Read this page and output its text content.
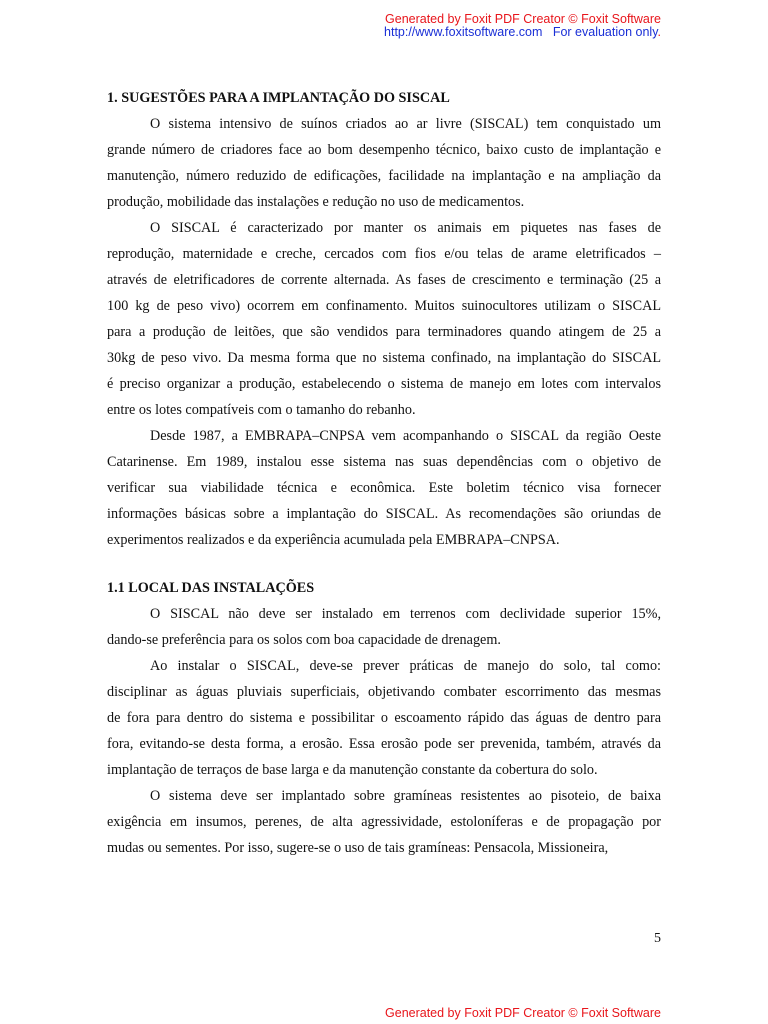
Generated by Foxit PDF Creator © Foxit Software
http://www.foxitsoftware.com For evaluation only.
1. SUGESTÕES PARA A IMPLANTAÇÃO DO SISCAL
O sistema intensivo de suínos criados ao ar livre (SISCAL) tem conquistado um
grande número de criadores face ao bom desempenho técnico, baixo custo de implantação e
manutenção, número reduzido de edificações, facilidade na implantação e na ampliação da
produção, mobilidade das instalações e redução no uso de medicamentos.
O SISCAL é caracterizado por manter os animais em piquetes nas fases de
reprodução, maternidade e creche, cercados com fios e/ou telas de arame eletrificados –
através de eletrificadores de corrente alternada. As fases de crescimento e terminação (25 a
100 kg de peso vivo) ocorrem em confinamento. Muitos suinocultores utilizam o SISCAL
para a produção de leitões, que são vendidos para terminadores quando atingem de 25 a
30kg de peso vivo. Da mesma forma que no sistema confinado, na implantação do SISCAL
é preciso organizar a produção, estabelecendo o sistema de manejo em lotes com intervalos
entre os lotes compatíveis com o tamanho do rebanho.
Desde 1987, a EMBRAPA–CNPSA vem acompanhando o SISCAL da região Oeste
Catarinense. Em 1989, instalou esse sistema nas suas dependências com o objetivo de
verificar sua viabilidade técnica e econômica. Este boletim técnico visa fornecer
informações básicas sobre a implantação do SISCAL. As recomendações são oriundas de
experimentos realizados e da experiência acumulada pela EMBRAPA–CNPSA.
1.1 LOCAL DAS INSTALAÇÕES
O SISCAL não deve ser instalado em terrenos com declividade superior 15%,
dando-se preferência para os solos com boa capacidade de drenagem.
Ao instalar o SISCAL, deve-se prever práticas de manejo do solo, tal como:
disciplinar as águas pluviais superficiais, objetivando combater escorrimento das mesmas
de fora para dentro do sistema e possibilitar o escoamento rápido das águas de dentro para
fora, evitando-se desta forma, a erosão. Essa erosão pode ser prevenida, também, através da
implantação de terraços de base larga e da manutenção constante da cobertura do solo.
O sistema deve ser implantado sobre gramíneas resistentes ao pisoteio, de baixa
exigência em insumos, perenes, de alta agressividade, estoloníferas e de propagação por
mudas ou sementes. Por isso, sugere-se o uso de tais gramíneas: Pensacola, Missioneira,
5
Generated by Foxit PDF Creator © Foxit Software
